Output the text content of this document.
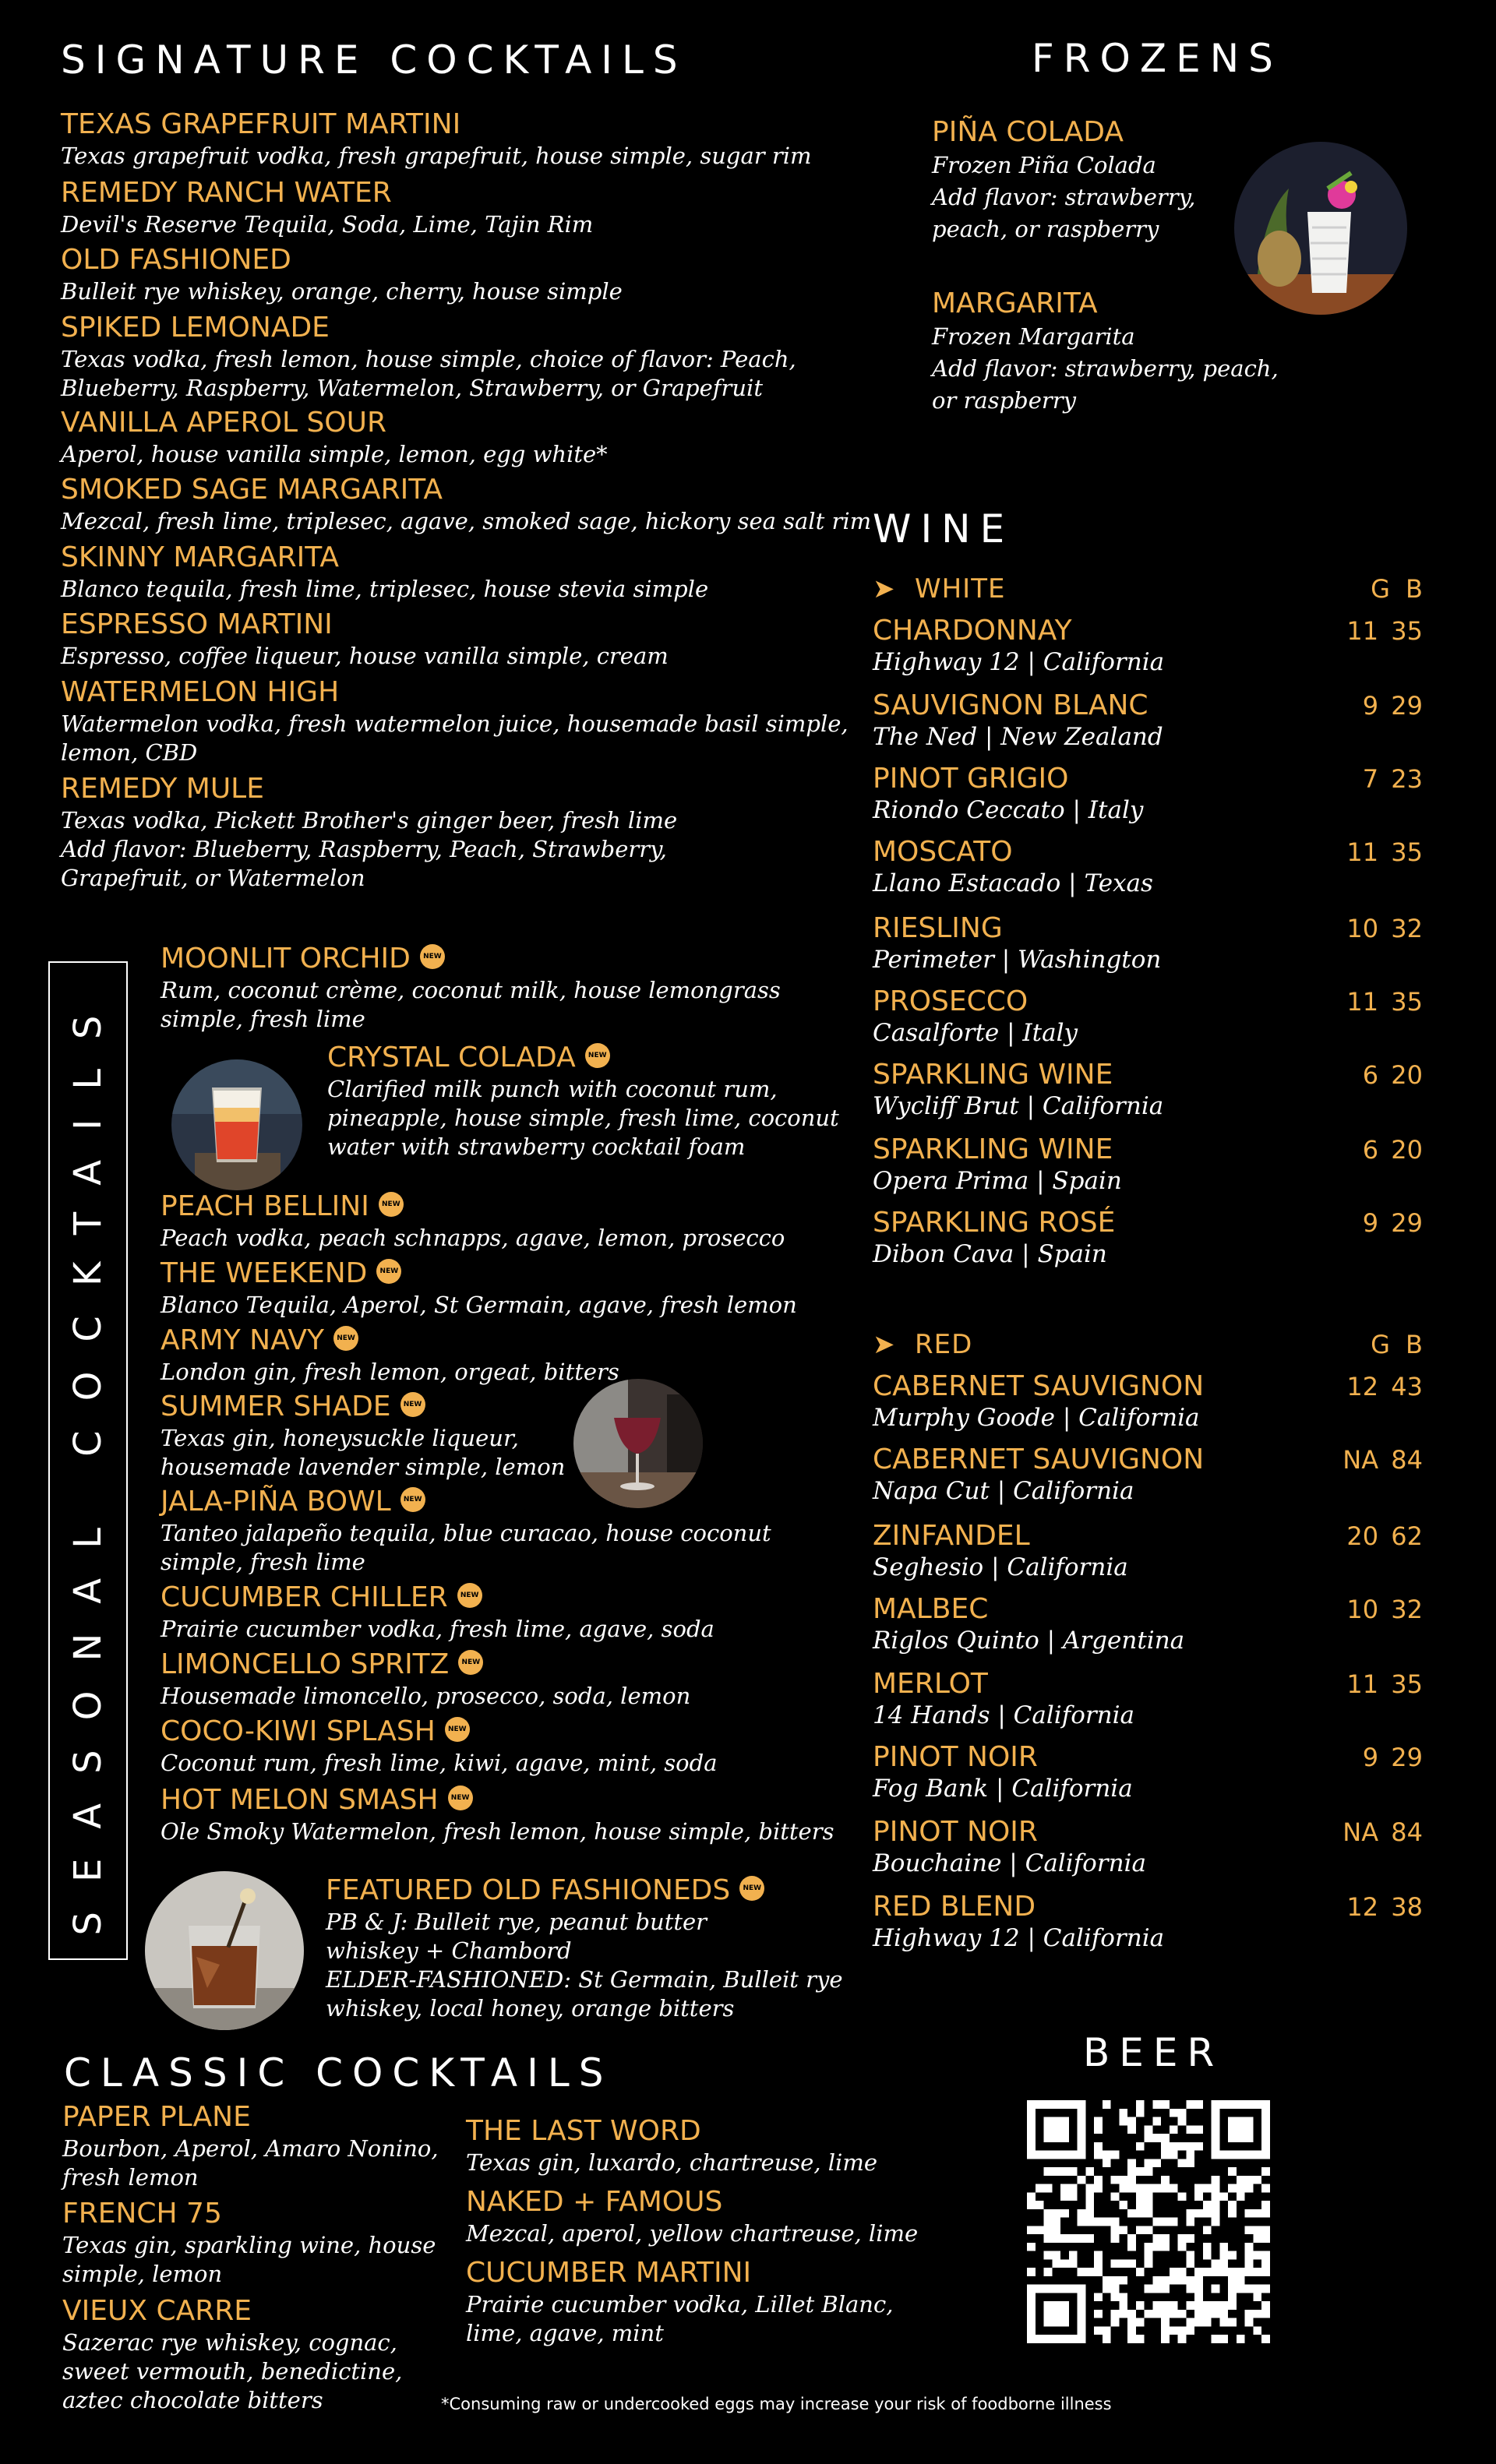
SIGNATURE COCKTAILS
TEXAS GRAPEFRUIT MARTINI
Texas grapefruit vodka, fresh grapefruit, house simple, sugar rim
REMEDY RANCH WATER
Devil's Reserve Tequila, Soda, Lime, Tajin Rim
OLD FASHIONED
Bulleit rye whiskey, orange, cherry, house simple
SPIKED LEMONADE
Texas vodka, fresh lemon, house simple, choice of flavor: Peach,
Blueberry, Raspberry, Watermelon, Strawberry, or Grapefruit
VANILLA APEROL SOUR
Aperol, house vanilla simple, lemon, egg white*
SMOKED SAGE MARGARITA
Mezcal, fresh lime, triplesec, agave, smoked sage, hickory sea salt rim
SKINNY MARGARITA
Blanco tequila, fresh lime, triplesec, house stevia simple
ESPRESSO MARTINI
Espresso, coffee liqueur, house vanilla simple, cream
WATERMELON HIGH
Watermelon vodka, fresh watermelon juice, housemade basil simple,
lemon, CBD
REMEDY MULE
Texas vodka, Pickett Brother's ginger beer, fresh lime
Add flavor: Blueberry, Raspberry, Peach, Strawberry,
Grapefruit, or Watermelon
SEASONAL COCKTAILS
MOONLIT ORCHID NEW
Rum, coconut crème, coconut milk, house lemongrass
simple, fresh lime
CRYSTAL COLADA NEW
Clarified milk punch with coconut rum,
pineapple, house simple, fresh lime, coconut
water with strawberry cocktail foam
PEACH BELLINI NEW
Peach vodka, peach schnapps, agave, lemon, prosecco
THE WEEKEND NEW
Blanco Tequila, Aperol, St Germain, agave, fresh lemon
ARMY NAVY NEW
London gin, fresh lemon, orgeat, bitters
SUMMER SHADE NEW
Texas gin, honeysuckle liqueur,
housemade lavender simple, lemon
JALA-PIÑA BOWL NEW
Tanteo jalapeño tequila, blue curacao, house coconut
simple, fresh lime
CUCUMBER CHILLER NEW
Prairie cucumber vodka, fresh lime, agave, soda
LIMONCELLO SPRITZ NEW
Housemade limoncello, prosecco, soda, lemon
COCO-KIWI SPLASH NEW
Coconut rum, fresh lime, kiwi, agave, mint, soda
HOT MELON SMASH NEW
Ole Smoky Watermelon, fresh lemon, house simple, bitters
FEATURED OLD FASHIONEDS NEW
PB & J: Bulleit rye, peanut butter
whiskey + Chambord
ELDER-FASHIONED: St Germain, Bulleit rye
whiskey, local honey, orange bitters
CLASSIC COCKTAILS
PAPER PLANE
Bourbon, Aperol, Amaro Nonino,
fresh lemon
FRENCH 75
Texas gin, sparkling wine, house
simple, lemon
VIEUX CARRE
Sazerac rye whiskey, cognac,
sweet vermouth, benedictine,
aztec chocolate bitters
THE LAST WORD
Texas gin, luxardo, chartreuse, lime
NAKED + FAMOUS
Mezcal, aperol, yellow chartreuse, lime
CUCUMBER MARTINI
Prairie cucumber vodka, Lillet Blanc,
lime, agave, mint
FROZENS
PIÑA COLADA
Frozen Piña Colada
Add flavor: strawberry,
peach, or raspberry
MARGARITA
Frozen Margarita
Add flavor: strawberry, peach,
or raspberry
WINE
➤ WHITE	G B
CHARDONNAY	11 35
Highway 12 | California
SAUVIGNON BLANC	9 29
The Ned | New Zealand
PINOT GRIGIO	7 23
Riondo Ceccato | Italy
MOSCATO	11 35
Llano Estacado | Texas
RIESLING	10 32
Perimeter | Washington
PROSECCO	11 35
Casalforte | Italy
SPARKLING WINE	6 20
Wycliff Brut | California
SPARKLING WINE	6 20
Opera Prima | Spain
SPARKLING ROSÉ	9 29
Dibon Cava | Spain
➤ RED	G B
CABERNET SAUVIGNON	12 43
Murphy Goode | California
CABERNET SAUVIGNON	NA 84
Napa Cut | California
ZINFANDEL	20 62
Seghesio | California
MALBEC	10 32
Riglos Quinto | Argentina
MERLOT	11 35
14 Hands | California
PINOT NOIR	9 29
Fog Bank | California
PINOT NOIR	NA 84
Bouchaine | California
RED BLEND	12 38
Highway 12 | California
BEER
*Consuming raw or undercooked eggs may increase your risk of foodborne illness
